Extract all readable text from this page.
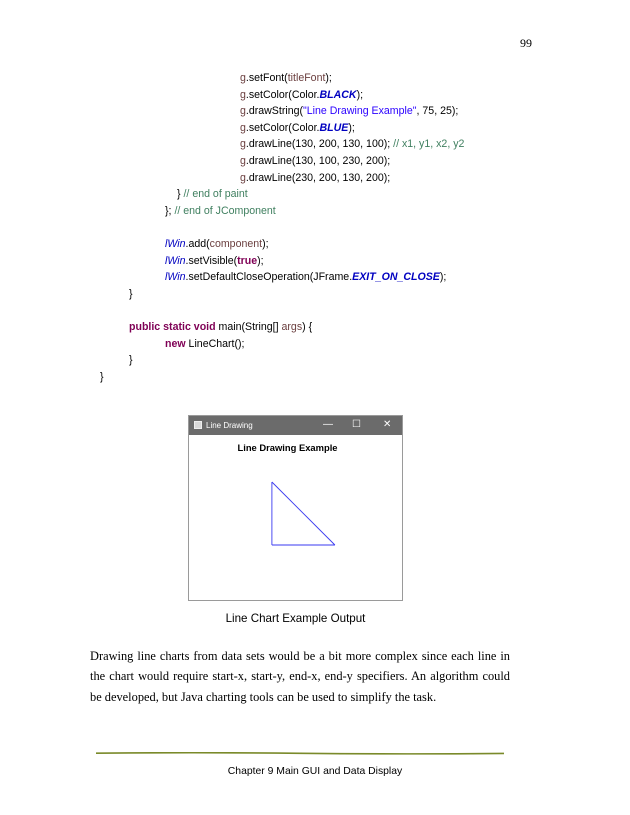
99
g.setFont(titleFont);
g.setColor(Color.BLACK);
g.drawString("Line Drawing Example", 75, 25);
g.setColor(Color.BLUE);
g.drawLine(130, 200, 130, 100); // x1, y1, x2, y2
g.drawLine(130, 100, 230, 200);
g.drawLine(230, 200, 130, 200);
} // end of paint
}; // end of JComponent
lWin.add(component);
lWin.setVisible(true);
lWin.setDefaultCloseOperation(JFrame.EXIT_ON_CLOSE);
}
public static void main(String[] args) {
new LineChart();
}
}
Line Drawing	— ☐ ✕
Line Drawing Example
Line Chart Example Output
Drawing line charts from data sets would be a bit more complex since each line in the chart would require start-x, start-y, end-x, end-y specifiers. An algorithm could be developed, but Java charting tools can be used to simplify the task.
Chapter 9 Main GUI and Data Display
